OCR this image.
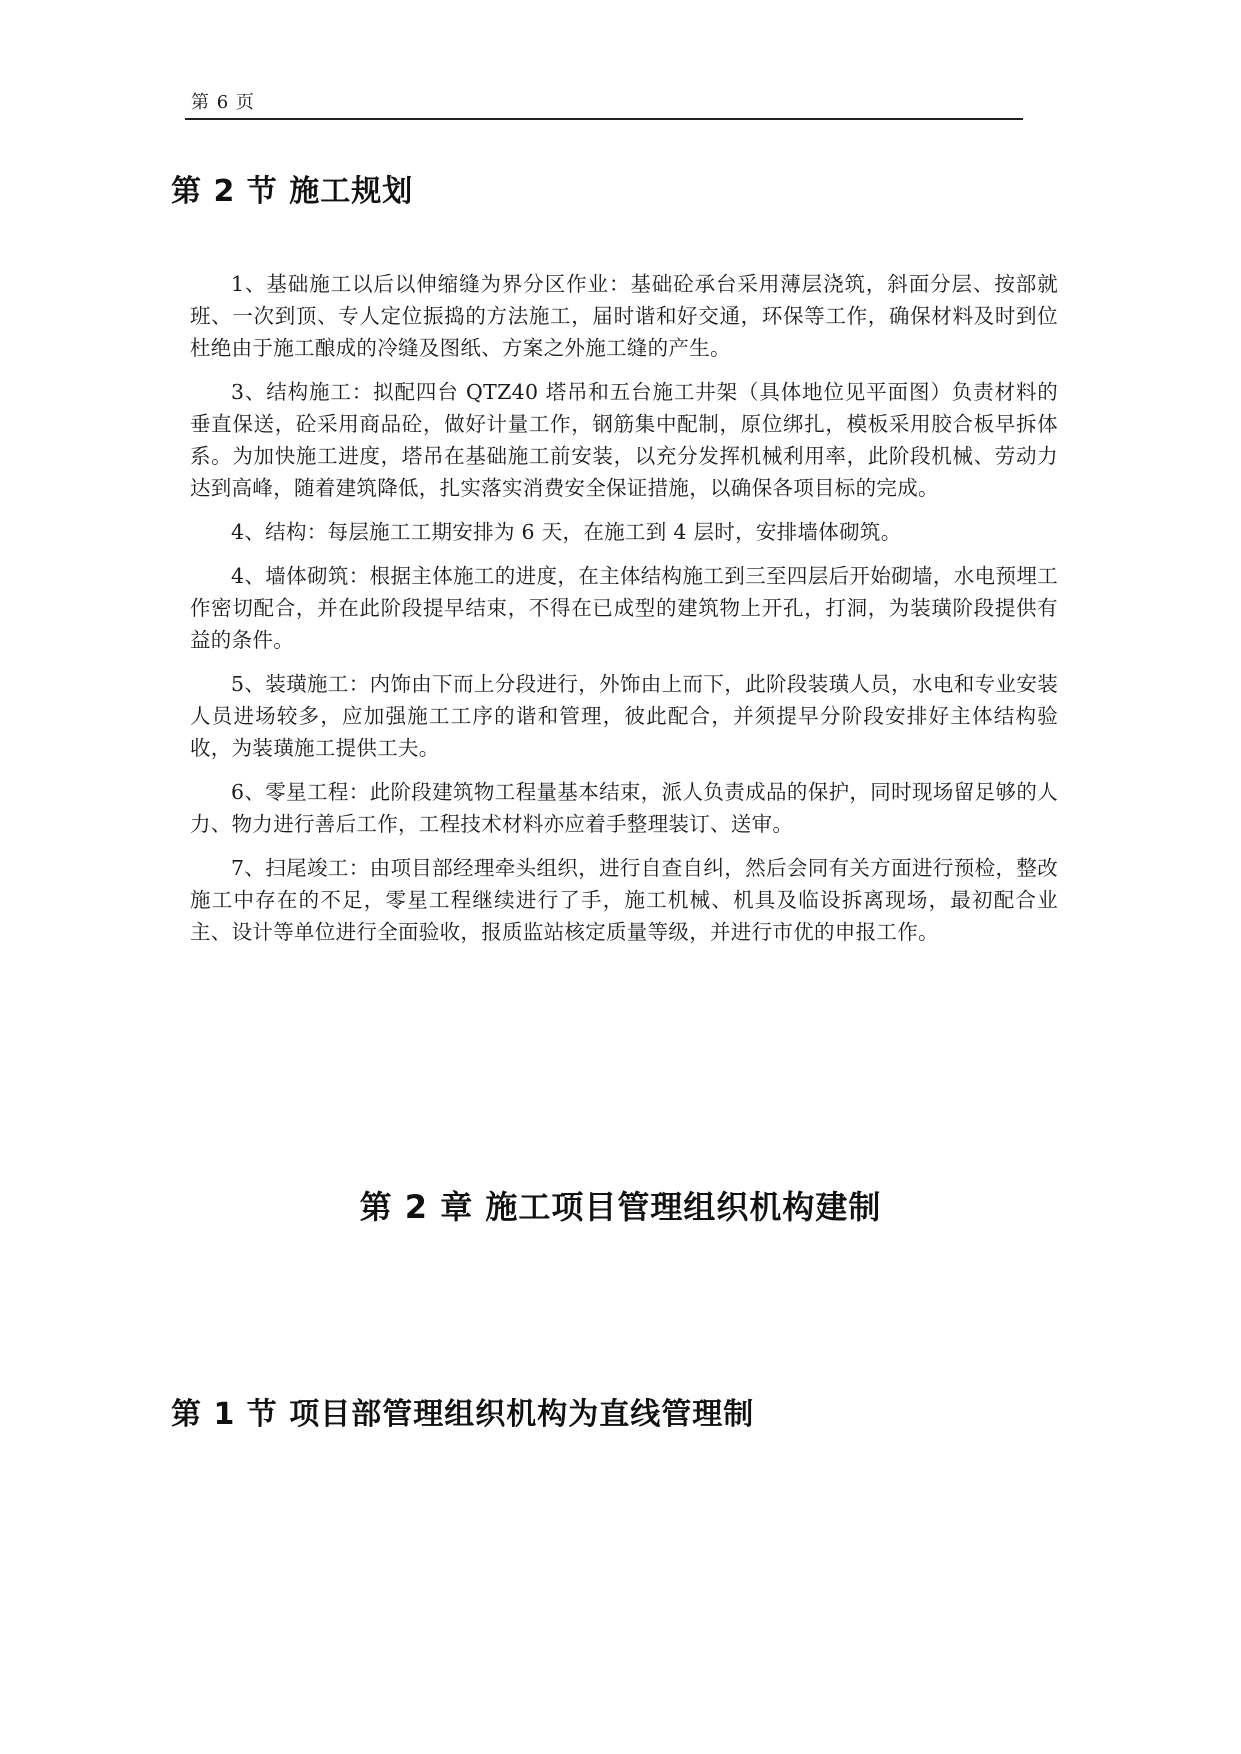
第 6 页
第 2 节 施工规划

1、基础施工以后以伸缩缝为界分区作业：基础砼承台采用薄层浇筑，斜面分层、按部就班、一次到顶、专人定位振捣的方法施工，届时谐和好交通，环保等工作，确保材料及时到位杜绝由于施工酿成的冷缝及图纸、方案之外施工缝的产生。

3、结构施工：拟配四台 QTZ40 塔吊和五台施工井架（具体地位见平面图）负责材料的垂直保送，砼采用商品砼，做好计量工作，钢筋集中配制，原位绑扎，模板采用胶合板早拆体系。为加快施工进度，塔吊在基础施工前安装，以充分发挥机械利用率，此阶段机械、劳动力达到高峰，随着建筑降低，扎实落实消费安全保证措施，以确保各项目标的完成。

4、结构：每层施工工期安排为 6 天，在施工到 4 层时，安排墙体砌筑。

4、墙体砌筑：根据主体施工的进度，在主体结构施工到三至四层后开始砌墙，水电预埋工作密切配合，并在此阶段提早结束，不得在已成型的建筑物上开孔，打洞，为装璜阶段提供有益的条件。

5、装璜施工：内饰由下而上分段进行，外饰由上而下，此阶段装璜人员，水电和专业安装人员进场较多，应加强施工工序的谐和管理，彼此配合，并须提早分阶段安排好主体结构验收，为装璜施工提供工夫。

6、零星工程：此阶段建筑物工程量基本结束，派人负责成品的保护，同时现场留足够的人力、物力进行善后工作，工程技术材料亦应着手整理装订、送审。

7、扫尾竣工：由项目部经理牵头组织，进行自查自纠，然后会同有关方面进行预检，整改施工中存在的不足，零星工程继续进行了手，施工机械、机具及临设拆离现场，最初配合业主、设计等单位进行全面验收，报质监站核定质量等级，并进行市优的申报工作。

第 2 章 施工项目管理组织机构建制
第 1 节 项目部管理组织机构为直线管理制
